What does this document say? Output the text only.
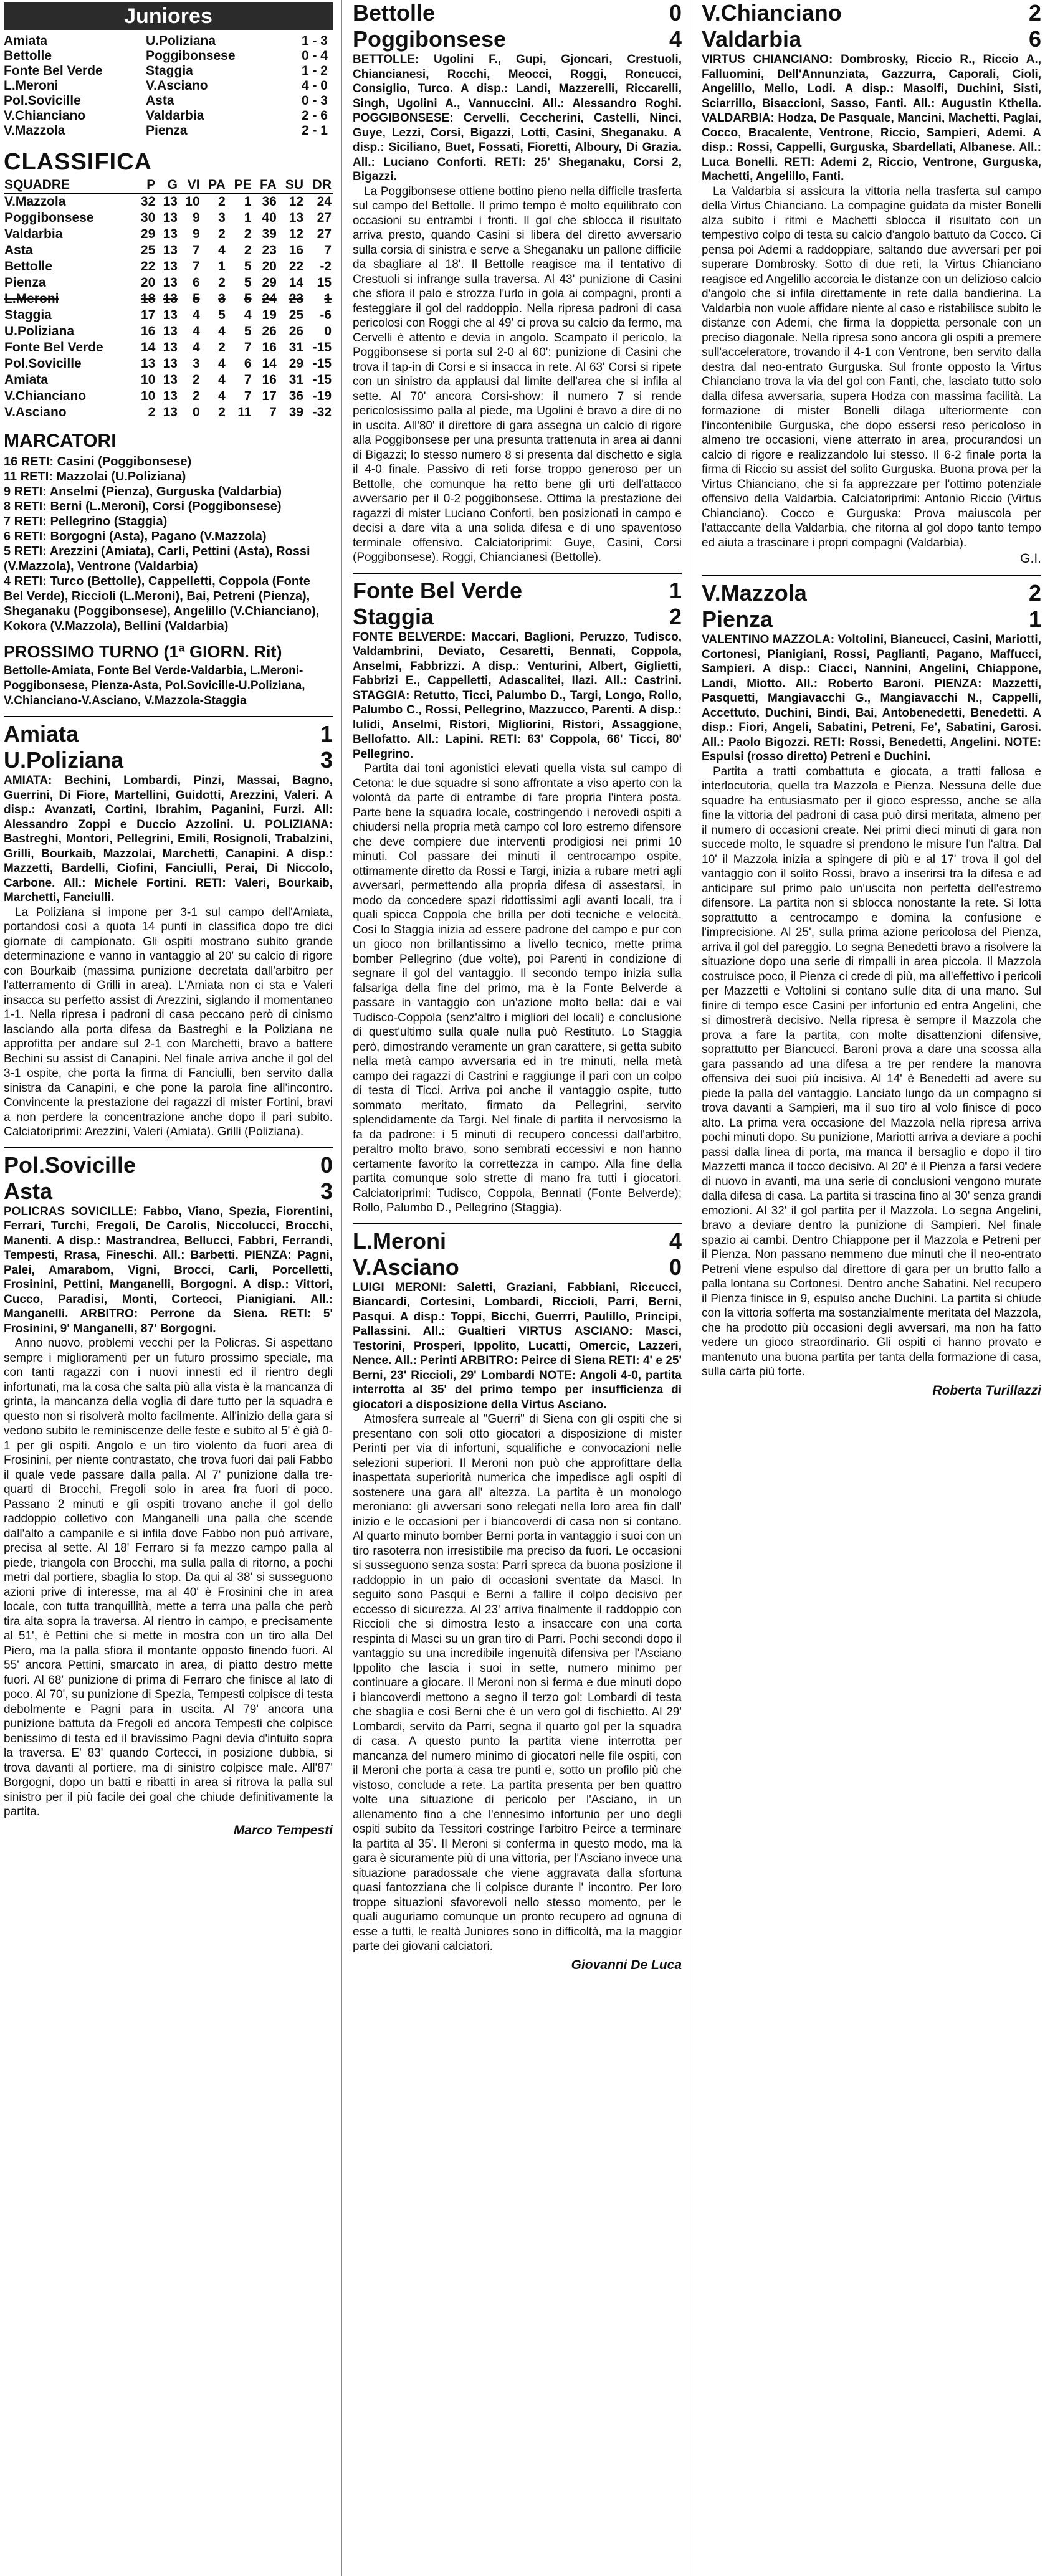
Juniores
Amiata	U.Poliziana	1 - 3
Bettolle	Poggibonsese	0 - 4
Fonte Bel Verde	Staggia	1 - 2
L.Meroni	V.Asciano	4 - 0
Pol.Sovicille	Asta	0 - 3
V.Chianciano	Valdarbia	2 - 6
V.Mazzola	Pienza	2 - 1
CLASSIFICA
SQUADRE	P	G	VI	PA	PE	FA	SU	DR
V.Mazzola	32	13	10	2	1	36	12	24
Poggibonsese	30	13	9	3	1	40	13	27
Valdarbia	29	13	9	2	2	39	12	27
Asta	25	13	7	4	2	23	16	7
Bettolle	22	13	7	1	5	20	22	-2
Pienza	20	13	6	2	5	29	14	15
L.Meroni	18	13	5	3	5	24	23	1
Staggia	17	13	4	5	4	19	25	-6
U.Poliziana	16	13	4	4	5	26	26	0
Fonte Bel Verde	14	13	4	2	7	16	31	-15
Pol.Sovicille	13	13	3	4	6	14	29	-15
Amiata	10	13	2	4	7	16	31	-15
V.Chianciano	10	13	2	4	7	17	36	-19
V.Asciano	2	13	0	2	11	7	39	-32
MARCATORI
16 RETI: Casini (Poggibonsese)
11 RETI: Mazzolai (U.Poliziana)
9 RETI: Anselmi (Pienza), Gurguska (Valdarbia)
8 RETI: Berni (L.Meroni), Corsi (Poggibonsese)
7 RETI: Pellegrino (Staggia)
6 RETI: Borgogni (Asta), Pagano (V.Mazzola)
5 RETI: Arezzini (Amiata), Carli, Pettini (Asta), Rossi (V.Mazzola), Ventrone (Valdarbia)
4 RETI: Turco (Bettolle), Cappelletti, Coppola (Fonte Bel Verde), Riccioli (L.Meroni), Bai, Petreni (Pienza), Sheganaku (Poggibonsese), Angelillo (V.Chianciano), Kokora (V.Mazzola), Bellini (Valdarbia)
PROSSIMO TURNO (1ª GIORN. Rit)
Bettolle-Amiata, Fonte Bel Verde-Valdarbia, L.Meroni-Poggibonsese, Pienza-Asta, Pol.Sovicille-U.Poliziana, V.Chianciano-V.Asciano, V.Mazzola-Staggia
Amiata	1
U.Poliziana	3
AMIATA: Bechini, Lombardi, Pinzi, Massai, Bagno, Guerrini, Di Fiore, Martellini, Guidotti, Arezzini, Valeri. A disp.: Avanzati, Cortini, Ibrahim, Paganini, Furzi. All: Alessandro Zoppi e Duccio Azzolini. U. POLIZIANA: Bastreghi, Montori, Pellegrini, Emili, Rosignoli, Trabalzini, Grilli, Bourkaib, Mazzolai, Marchetti, Canapini. A disp.: Mazzetti, Bardelli, Ciofini, Fanciulli, Perai, Di Niccolo, Carbone. All.: Michele Fortini. RETI: Valeri, Bourkaib, Marchetti, Fanciulli.

La Poliziana si impone per 3-1 sul campo dell'Amiata, portandosi così a quota 14 punti in classifica dopo tre dici giornate di campionato. Gli ospiti mostrano subito grande determinazione e vanno in vantaggio al 20' su calcio di rigore con Bourkaib (massima punizione decretata dall'arbitro per l'atterramento di Grilli in area). L'Amiata non ci sta e Valeri insacca su perfetto assist di Arezzini, siglando il momentaneo 1-1. Nella ripresa i padroni di casa peccano però di cinismo lasciando alla porta difesa da Bastreghi e la Poliziana ne approfitta per andare sul 2-1 con Marchetti, bravo a battere Bechini su assist di Canapini. Nel finale arriva anche il gol del 3-1 ospite, che porta la firma di Fanciulli, ben servito dalla sinistra da Canapini, e che pone la parola fine all'incontro. Convincente la prestazione dei ragazzi di mister Fortini, bravi a non perdere la concentrazione anche dopo il pari subito. Calciatoriprimi: Arezzini, Valeri (Amiata). Grilli (Poliziana).

Pol.Sovicille	0
Asta	3
POLICRAS SOVICILLE: Fabbo, Viano, Spezia, Fiorentini, Ferrari, Turchi, Fregoli, De Carolis, Niccolucci, Brocchi, Manenti. A disp.: Mastrandrea, Bellucci, Fabbri, Ferrandi, Tempesti, Rrasa, Fineschi. All.: Barbetti. PIENZA: Pagni, Palei, Amarabom, Vigni, Brocci, Carli, Porcelletti, Frosinini, Pettini, Manganelli, Borgogni. A disp.: Vittori, Cucco, Paradisi, Monti, Cortecci, Pianigiani. All.: Manganelli. ARBITRO: Perrone da Siena. RETI: 5' Frosinini, 9' Manganelli, 87' Borgogni.

Anno nuovo, problemi vecchi per la Policras. Si aspettano sempre i miglioramenti per un futuro prossimo speciale, ma con tanti ragazzi con i nuovi innesti ed il rientro degli infortunati, ma la cosa che salta più alla vista è la mancanza di grinta, la mancanza della voglia di dare tutto per la squadra e questo non si risolverà molto facilmente. All'inizio della gara si vedono subito le reminiscenze delle feste e subito al 5' è già 0-1 per gli ospiti. Angolo e un tiro violento da fuori area di Frosinini, per niente contrastato, che trova fuori dai pali Fabbo il quale vede passare dalla palla. Al 7' punizione dalla tre-quarti di Brocchi, Fregoli solo in area fra fuori di poco. Passano 2 minuti e gli ospiti trovano anche il gol dello raddoppio colletivo con Manganelli una palla che scende dall'alto a campanile e si infila dove Fabbo non può arrivare, precisa al sette. Al 18' Ferraro si fa mezzo campo palla al piede, triangola con Brocchi, ma sulla palla di ritorno, a pochi metri dal portiere, sbaglia lo stop. Da qui al 38' si susseguono azioni prive di interesse, ma al 40' è Frosinini che in area locale, con tutta tranquillità, mette a terra una palla che però tira alta sopra la traversa. Al rientro in campo, e precisamente al 51', è Pettini che si mette in mostra con un tiro alla Del Piero, ma la palla sfiora il montante opposto finendo fuori. Al 55' ancora Pettini, smarcato in area, di piatto destro mette fuori. Al 68' punizione di prima di Ferraro che finisce al lato di poco. Al 70', su punizione di Spezia, Tempesti colpisce di testa debolmente e Pagni para in uscita. Al 79' ancora una punizione battuta da Fregoli ed ancora Tempesti che colpisce benissimo di testa ed il bravissimo Pagni devia d'intuito sopra la traversa. E' 83' quando Cortecci, in posizione dubbia, si trova davanti al portiere, ma di sinistro colpisce male. All'87' Borgogni, dopo un batti e ribatti in area si ritrova la palla sul sinistro per il più facile dei goal che chiude definitivamente la partita.

Marco Tempesti
Bettolle	0
Poggibonsese	4
BETTOLLE: Ugolini F., Gupi, Gjoncari, Crestuoli, Chiancianesi, Rocchi, Meocci, Roggi, Roncucci, Consiglio, Turco. A disp.: Landi, Mazzerelli, Riccarelli, Singh, Ugolini A., Vannuccini. All.: Alessandro Roghi. POGGIBONSESE: Cervelli, Ceccherini, Castelli, Ninci, Guye, Lezzi, Corsi, Bigazzi, Lotti, Casini, Sheganaku. A disp.: Siciliano, Buet, Fossati, Fioretti, Alboury, Di Grazia. All.: Luciano Conforti. RETI: 25' Sheganaku, Corsi 2, Bigazzi.

La Poggibonsese ottiene bottino pieno nella difficile trasferta sul campo del Bettolle. Il primo tempo è molto equilibrato con occasioni su entrambi i fronti. Il gol che sblocca il risultato arriva presto, quando Casini si libera del diretto avversario sulla corsia di sinistra e serve a Sheganaku un pallone difficile da sbagliare al 18'. Il Bettolle reagisce ma il tentativo di Crestuoli si infrange sulla traversa. Al 43' punizione di Casini che sfiora il palo e strozza l'urlo in gola ai compagni, pronti a festeggiare il gol del raddoppio. Nella ripresa padroni di casa pericolosi con Roggi che al 49' ci prova su calcio da fermo, ma Cervelli è attento e devia in angolo. Scampato il pericolo, la Poggibonsese si porta sul 2-0 al 60': punizione di Casini che trova il tap-in di Corsi e si insacca in rete. Al 63' Corsi si ripete con un sinistro da applausi dal limite dell'area che si infila al sette. Al 70' ancora Corsi-show: il numero 7 si rende pericolosissimo palla al piede, ma Ugolini è bravo a dire di no in uscita. All'80' il direttore di gara assegna un calcio di rigore alla Poggibonsese per una presunta trattenuta in area ai danni di Bigazzi; lo stesso numero 8 si presenta dal dischetto e sigla il 4-0 finale. Passivo di reti forse troppo generoso per un Bettolle, che comunque ha retto bene gli urti dell'attacco avversario per il 0-2 poggibonsese. Ottima la prestazione dei ragazzi di mister Luciano Conforti, ben posizionati in campo e decisi a dare vita a una solida difesa e di uno spaventoso terminale offensivo. Calciatoriprimi: Guye, Casini, Corsi (Poggibonsese). Roggi, Chiancianesi (Bettolle).

Fonte Bel Verde	1
Staggia	2
FONTE BELVERDE: Maccari, Baglioni, Peruzzo, Tudisco, Valdambrini, Deviato, Cesaretti, Bennati, Coppola, Anselmi, Fabbrizzi. A disp.: Venturini, Albert, Giglietti, Fabbrizi E., Cappelletti, Adascalitei, Ilazi. All.: Castrini. STAGGIA: Retutto, Ticci, Palumbo D., Targi, Longo, Rollo, Palumbo C., Rossi, Pellegrino, Mazzucco, Parenti. A disp.: Iulidi, Anselmi, Ristori, Migliorini, Ristori, Assaggione, Bellofatto. All.: Lapini. RETI: 63' Coppola, 66' Ticci, 80' Pellegrino.

Partita dai toni agonistici elevati quella vista sul campo di Cetona: le due squadre si sono affrontate a viso aperto con la volontà da parte di entrambe di fare propria l'intera posta. Parte bene la squadra locale, costringendo i nerovedi ospiti a chiudersi nella propria metà campo col loro estremo difensore che deve compiere due interventi prodigiosi nei primi 10 minuti. Col passare dei minuti il centrocampo ospite, ottimamente diretto da Rossi e Targi, inizia a rubare metri agli avversari, permettendo alla propria difesa di assestarsi, in modo da concedere spazi ridottissimi agli avanti locali, tra i quali spicca Coppola che brilla per doti tecniche e velocità. Così lo Staggia inizia ad essere padrone del campo e pur con un gioco non brillantissimo a livello tecnico, mette prima bomber Pellegrino (due volte), poi Parenti in condizione di segnare il gol del vantaggio. Il secondo tempo inizia sulla falsariga della fine del primo, ma è la Fonte Belverde a passare in vantaggio con un'azione molto bella: dai e vai Tudisco-Coppola (senz'altro i migliori del locali) e conclusione di quest'ultimo sulla quale nulla può Restituto. Lo Staggia però, dimostrando veramente un gran carattere, si getta subito nella metà campo avversaria ed in tre minuti, nella metà campo dei ragazzi di Castrini e raggiunge il pari con un colpo di testa di Ticci. Arriva poi anche il vantaggio ospite, tutto sommato meritato, firmato da Pellegrini, servito splendidamente da Targi. Nel finale di partita il nervosismo la fa da padrone: i 5 minuti di recupero concessi dall'arbitro, peraltro molto bravo, sono sembrati eccessivi e non hanno certamente favorito la correttezza in campo. Alla fine della partita comunque solo strette di mano fra tutti i giocatori. Calciatoriprimi: Tudisco, Coppola, Bennati (Fonte Belverde); Rollo, Palumbo D., Pellegrino (Staggia).

L.Meroni	4
V.Asciano	0
LUIGI MERONI: Saletti, Graziani, Fabbiani, Riccucci, Biancardi, Cortesini, Lombardi, Riccioli, Parri, Berni, Pasqui. A disp.: Toppi, Bicchi, Guerrri, Paulillo, Principi, Pallassini. All.: Gualtieri VIRTUS ASCIANO: Masci, Testorini, Prosperi, Ippolito, Lucatti, Omercic, Lazzeri, Nence. All.: Perinti ARBITRO: Peirce di Siena RETI: 4' e 25' Berni, 23' Riccioli, 29' Lombardi NOTE: Angoli 4-0, partita interrotta al 35' del primo tempo per insufficienza di giocatori a disposizione della Virtus Asciano.

Atmosfera surreale al "Guerri" di Siena con gli ospiti che si presentano con soli otto giocatori a disposizione di mister Perinti per via di infortuni, squalifiche e convocazioni nelle selezioni superiori. Il Meroni non può che approfittare della inaspettata superiorità numerica che impedisce agli ospiti di sostenere una gara all' altezza. La partita è un monologo meroniano: gli avversari sono relegati nella loro area fin dall' inizio e le occasioni per i biancoverdi di casa non si contano. Al quarto minuto bomber Berni porta in vantaggio i suoi con un tiro rasoterra non irresistibile ma preciso da fuori. Le occasioni si susseguono senza sosta: Parri spreca da buona posizione il raddoppio in un paio di occasioni sventate da Masci. In seguito sono Pasqui e Berni a fallire il colpo decisivo per eccesso di sicurezza. Al 23' arriva finalmente il raddoppio con Riccioli che si dimostra lesto a insaccare con una corta respinta di Masci su un gran tiro di Parri. Pochi secondi dopo il vantaggio su una incredibile ingenuità difensiva per l'Asciano Ippolito che lascia i suoi in sette, numero minimo per continuare a giocare. Il Meroni non si ferma e due minuti dopo i biancoverdi mettono a segno il terzo gol: Lombardi di testa che sbaglia e così Berni che è un vero gol di fischietto. Al 29' Lombardi, servito da Parri, segna il quarto gol per la squadra di casa. A questo punto la partita viene interrotta per mancanza del numero minimo di giocatori nelle file ospiti, con il Meroni che porta a casa tre punti e, sotto un profilo più che vistoso, conclude a rete. La partita presenta per ben quattro volte una situazione di pericolo per l'Asciano, in un allenamento fino a che l'ennesimo infortunio per uno degli ospiti subito da Tessitori costringe l'arbitro Peirce a terminare la partita al 35'. Il Meroni si conferma in questo modo, ma la gara è sicuramente più di una vittoria, per l'Asciano invece una situazione paradossale che viene aggravata dalla sfortuna quasi fantozziana che li colpisce durante l' incontro. Per loro troppe situazioni sfavorevoli nello stesso momento, per le quali auguriamo comunque un pronto recupero ad ognuna di esse a tutti, le realtà Juniores sono in difficoltà, ma la maggior parte dei giovani calciatori.

Giovanni De Luca
V.Chianciano	2
Valdarbia	6
VIRTUS CHIANCIANO: Dombrosky, Riccio R., Riccio A., Falluomini, Dell'Annunziata, Gazzurra, Caporali, Cioli, Angelillo, Mello, Lodi. A disp.: Masolfi, Duchini, Sisti, Sciarrillo, Bisaccioni, Sasso, Fanti. All.: Augustin Kthella. VALDARBIA: Hodza, De Pasquale, Mancini, Machetti, Paglai, Cocco, Bracalente, Ventrone, Riccio, Sampieri, Ademi. A disp.: Rossi, Cappelli, Gurguska, Sbardellati, Albanese. All.: Luca Bonelli. RETI: Ademi 2, Riccio, Ventrone, Gurguska, Machetti, Angelillo, Fanti.

La Valdarbia si assicura la vittoria nella trasferta sul campo della Virtus Chianciano. La compagine guidata da mister Bonelli alza subito i ritmi e Machetti sblocca il risultato con un tempestivo colpo di testa su calcio d'angolo battuto da Cocco. Ci pensa poi Ademi a raddoppiare, saltando due avversari per poi superare Dombrosky. Sotto di due reti, la Virtus Chianciano reagisce ed Angelillo accorcia le distanze con un delizioso calcio d'angolo che si infila direttamente in rete dalla bandierina. La Valdarbia non vuole affidare niente al caso e ristabilisce subito le distanze con Ademi, che firma la doppietta personale con un preciso diagonale. Nella ripresa sono ancora gli ospiti a premere sull'acceleratore, trovando il 4-1 con Ventrone, ben servito dalla destra dal neo-entrato Gurguska. Sul fronte opposto la Virtus Chianciano trova la via del gol con Fanti, che, lasciato tutto solo dalla difesa avversaria, supera Hodza con massima facilità. La formazione di mister Bonelli dilaga ulteriormente con l'incontenibile Gurguska, che dopo essersi reso pericoloso in almeno tre occasioni, viene atterrato in area, procurandosi un calcio di rigore e realizzandolo lui stesso. Il 6-2 finale porta la firma di Riccio su assist del solito Gurguska. Buona prova per la Virtus Chianciano, che si fa apprezzare per l'ottimo potenziale offensivo della Valdarbia. Calciatoriprimi: Antonio Riccio (Virtus Chianciano). Cocco e Gurguska: Prova maiuscola per l'attaccante della Valdarbia, che ritorna al gol dopo tanto tempo ed aiuta a trascinare i propri compagni (Valdarbia).

G.I.
V.Mazzola	2
Pienza	1
VALENTINO MAZZOLA: Voltolini, Biancucci, Casini, Mariotti, Cortonesi, Pianigiani, Rossi, Paglianti, Pagano, Maffucci, Sampieri. A disp.: Ciacci, Nannini, Angelini, Chiappone, Landi, Miotto. All.: Roberto Baroni. PIENZA: Mazzetti, Pasquetti, Mangiavacchi G., Mangiavacchi N., Cappelli, Accettuto, Duchini, Bindi, Bai, Antobenedetti, Benedetti. A disp.: Fiori, Angeli, Sabatini, Petreni, Fe', Sabatini, Garosi. All.: Paolo Bigozzi. RETI: Rossi, Benedetti, Angelini. NOTE: Espulsi (rosso diretto) Petreni e Duchini.

Partita a tratti combattuta e giocata, a tratti fallosa e interlocutoria, quella tra Mazzola e Pienza. Nessuna delle due squadre ha entusiasmato per il gioco espresso, anche se alla fine la vittoria del padroni di casa può dirsi meritata, almeno per il numero di occasioni create. Nei primi dieci minuti di gara non succede molto, le squadre si prendono le misure l'un l'altra. Dal 10' il Mazzola inizia a spingere di più e al 17' trova il gol del vantaggio con il solito Rossi, bravo a inserirsi tra la difesa e ad anticipare sul primo palo un'uscita non perfetta dell'estremo difensore. La partita non si sblocca nonostante la rete. Si lotta soprattutto a centrocampo e domina la confusione e l'imprecisione. Al 25', sulla prima azione pericolosa del Pienza, arriva il gol del pareggio. Lo segna Benedetti bravo a risolvere la situazione dopo una serie di rimpalli in area piccola. Il Mazzola costruisce poco, il Pienza ci crede di più, ma all'effettivo i pericoli per Mazzetti e Voltolini si contano sulle dita di una mano. Sul finire di tempo esce Casini per infortunio ed entra Angelini, che si dimostrerà decisivo. Nella ripresa è sempre il Mazzola che prova a fare la partita, con molte disattenzioni difensive, soprattutto per Biancucci. Baroni prova a dare una scossa alla gara passando ad una difesa a tre per rendere la manovra offensiva dei suoi più incisiva. Al 14' è Benedetti ad avere su piede la palla del vantaggio. Lanciato lungo da un compagno si trova davanti a Sampieri, ma il suo tiro al volo finisce di poco alto. La prima vera occasione del Mazzola nella ripresa arriva pochi minuti dopo. Su punizione, Mariotti arriva a deviare a pochi passi dalla linea di porta, ma manca il bersaglio e dopo il tiro Mazzetti manca il tocco decisivo. Al 20' è il Pienza a farsi vedere di nuovo in avanti, ma una serie di conclusioni vengono murate dalla difesa di casa. La partita si trascina fino al 30' senza grandi emozioni. Al 32' il gol partita per il Mazzola. Lo segna Angelini, bravo a deviare dentro la punizione di Sampieri. Nel finale spazio ai cambi. Dentro Chiappone per il Mazzola e Petreni per il Pienza. Non passano nemmeno due minuti che il neo-entrato Petreni viene espulso dal direttore di gara per un brutto fallo a palla lontana su Cortonesi. Dentro anche Sabatini. Nel recupero il Pienza finisce in 9, espulso anche Duchini. La partita si chiude con la vittoria sofferta ma sostanzialmente meritata del Mazzola, che ha prodotto più occasioni degli avversari, ma non ha fatto vedere un gioco straordinario. Gli ospiti ci hanno provato e mantenuto una buona partita per tanta della formazione di casa, sulla carta più forte.

Roberta Turillazzi
